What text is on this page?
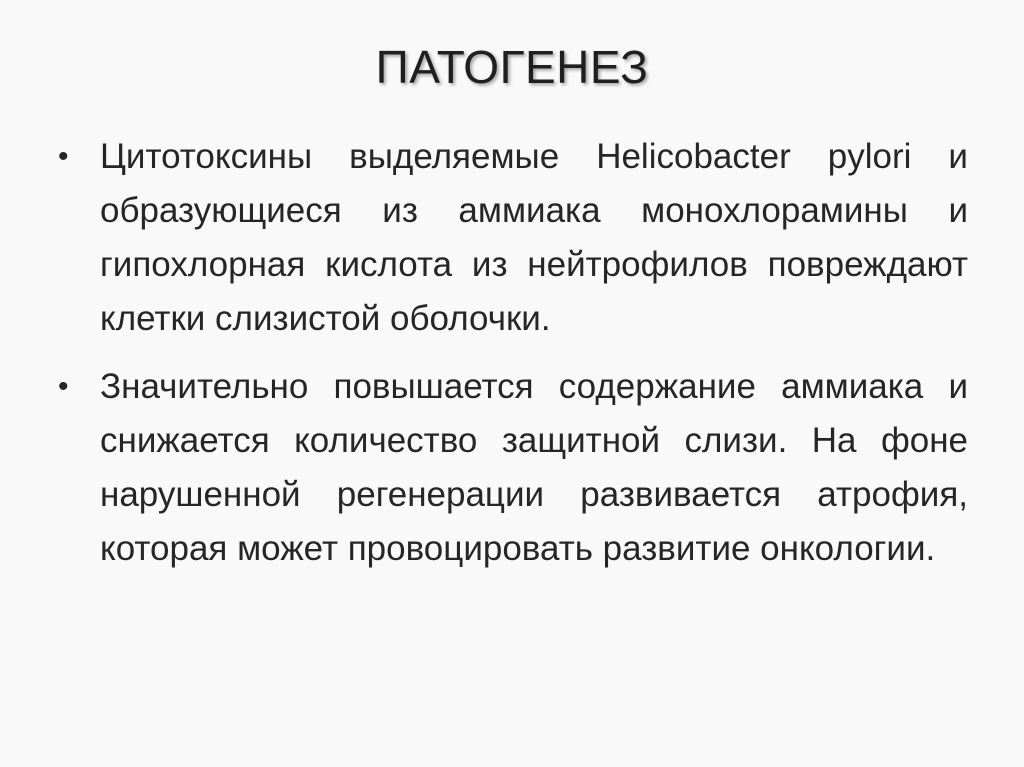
ПАТОГЕНЕЗ
• Цитотоксины выделяемые Helicobacter pylori и образующиеся из аммиака монохлорамины и гипохлорная кислота из нейтрофилов повреждают клетки слизистой оболочки.
• Значительно повышается содержание аммиака и снижается количество защитной слизи. На фоне нарушенной регенерации развивается атрофия, которая может провоцировать развитие онкологии.
